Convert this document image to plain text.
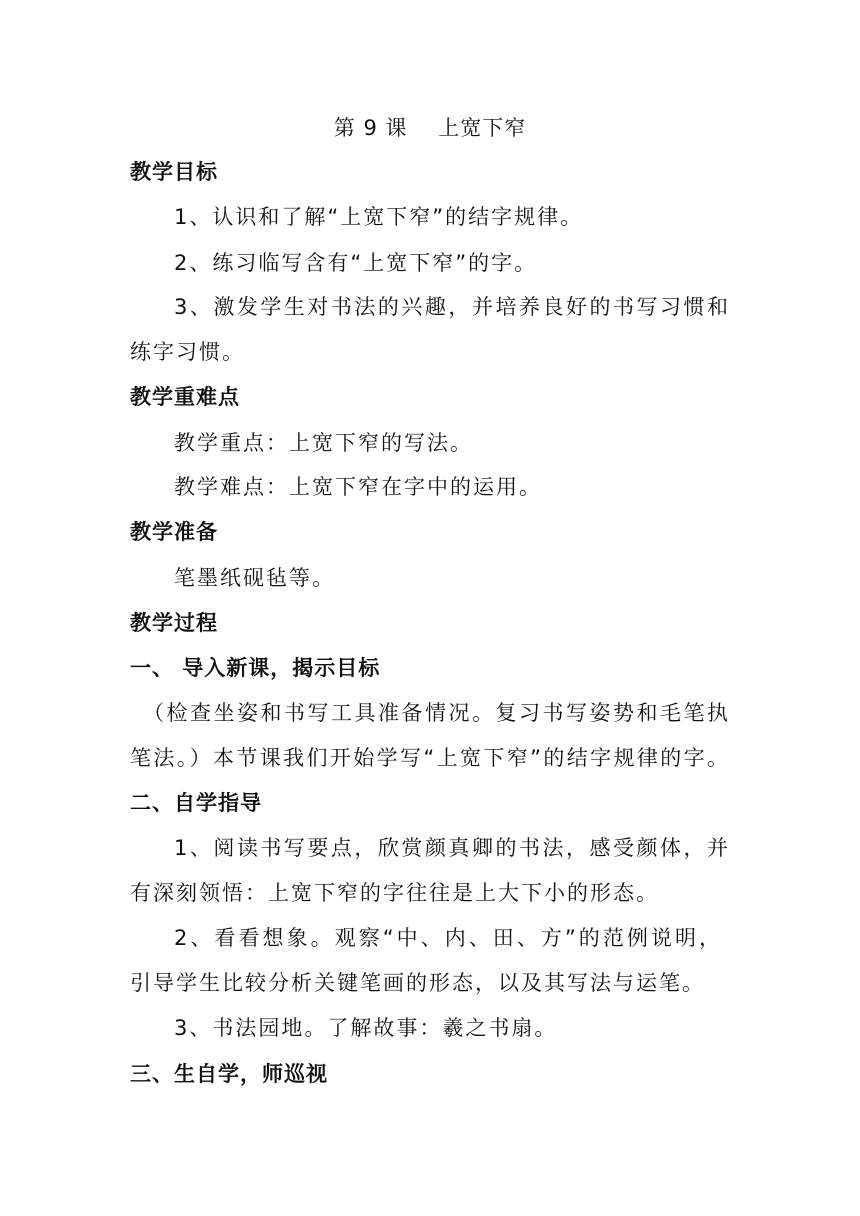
第 9 课    上宽下窄
教学目标
1、认识和了解“上宽下窄”的结字规律。
2、练习临写含有“上宽下窄”的字。
3、激发学生对书法的兴趣，并培养良好的书写习惯和
练字习惯。
教学重难点
教学重点：上宽下窄的写法。
教学难点：上宽下窄在字中的运用。
教学准备
笔墨纸砚毡等。
教学过程
一、 导入新课，揭示目标
（检查坐姿和书写工具准备情况。复习书写姿势和毛笔执
笔法。）本节课我们开始学写“上宽下窄”的结字规律的字。
二、自学指导
1、阅读书写要点，欣赏颜真卿的书法，感受颜体，并
有深刻领悟：上宽下窄的字往往是上大下小的形态。
2、看看想象。观察“中、内、田、方”的范例说明，
引导学生比较分析关键笔画的形态，以及其写法与运笔。
3、书法园地。了解故事：羲之书扇。
三、生自学，师巡视
